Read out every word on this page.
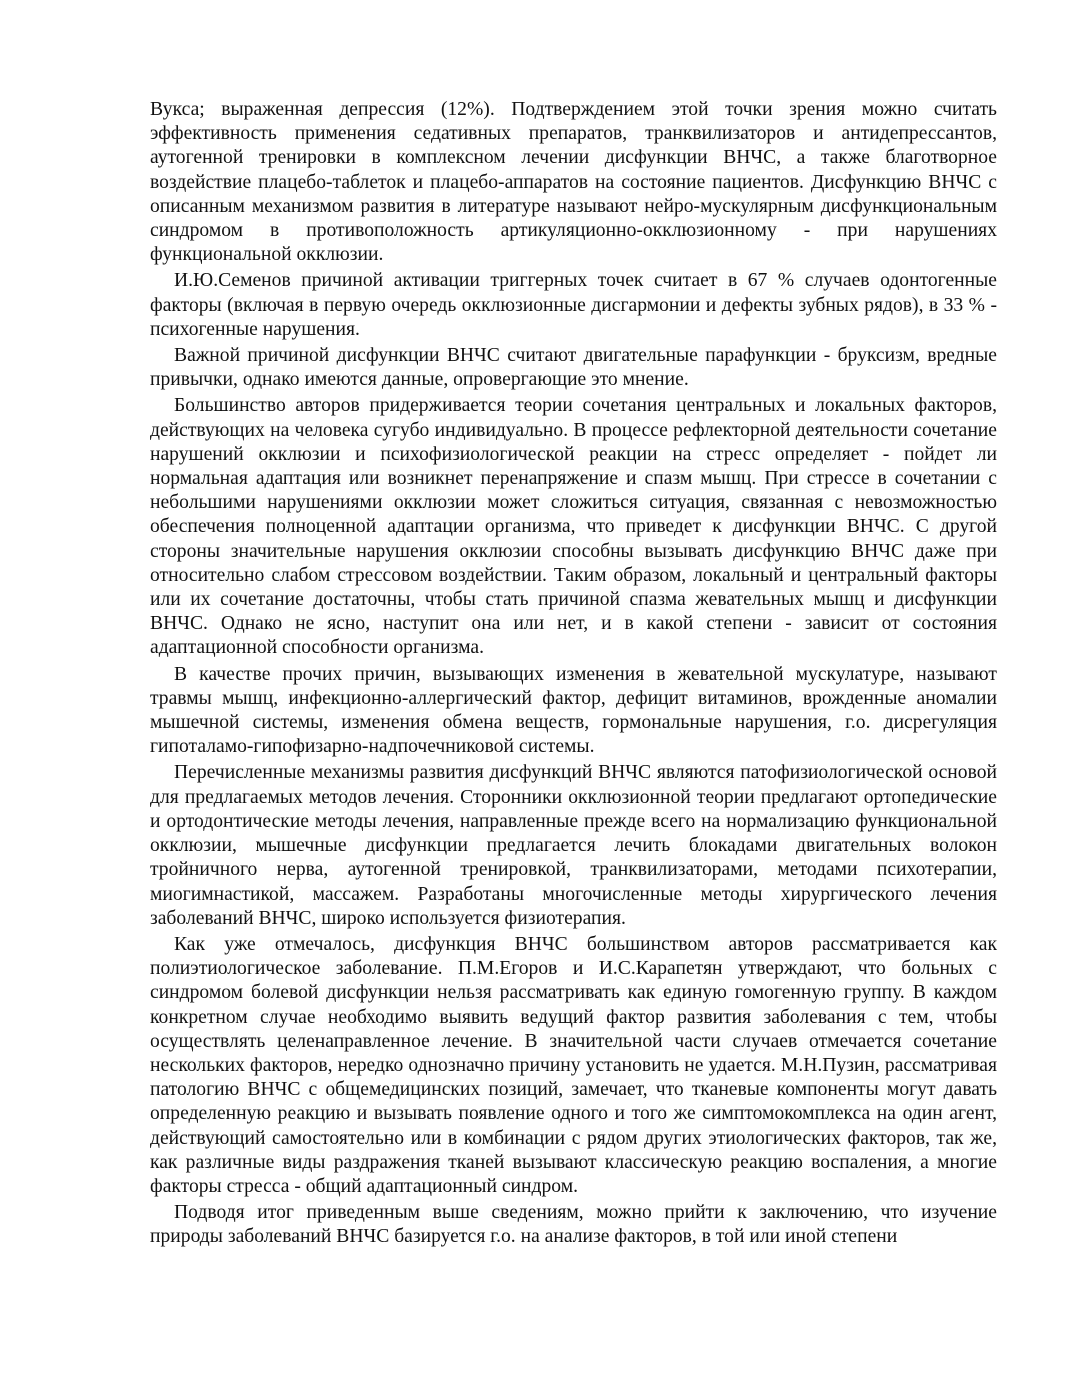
Вукса; выраженная депрессия (12%). Подтверждением этой точки зрения можно считать эффективность применения седативных препаратов, транквилизаторов и антидепрессантов, аутогенной тренировки в комплексном лечении дисфункции ВНЧС, а также благотворное воздействие плацебо-таблеток и плацебо-аппаратов на состояние пациентов. Дисфункцию ВНЧС с описанным механизмом развития в литературе называют нейро-мускулярным дисфункциональным синдромом в противоположность артикуляционно-окклюзионному - при нарушениях функциональной окклюзии.

И.Ю.Семенов причиной активации триггерных точек считает в 67 % случаев одонтогенные факторы (включая в первую очередь окклюзионные дисгармонии и дефекты зубных рядов), в 33 % - психогенные нарушения.

Важной причиной дисфункции ВНЧС считают двигательные парафункции - бруксизм, вредные привычки, однако имеются данные, опровергающие это мнение.

Большинство авторов придерживается теории сочетания центральных и локальных факторов, действующих на человека сугубо индивидуально. В процессе рефлекторной деятельности сочетание нарушений окклюзии и психофизиологической реакции на стресс определяет - пойдет ли нормальная адаптация или возникнет перенапряжение и спазм мышц. При стрессе в сочетании с небольшими нарушениями окклюзии может сложиться ситуация, связанная с невозможностью обеспечения полноценной адаптации организма, что приведет к дисфункции ВНЧС. С другой стороны значительные нарушения окклюзии способны вызывать дисфункцию ВНЧС даже при относительно слабом стрессовом воздействии. Таким образом, локальный и центральный факторы или их сочетание достаточны, чтобы стать причиной спазма жевательных мышц и дисфункции ВНЧС. Однако не ясно, наступит она или нет, и в какой степени - зависит от состояния адаптационной способности организма.

В качестве прочих причин, вызывающих изменения в жевательной мускулатуре, называют травмы мышц, инфекционно-аллергический фактор, дефицит витаминов, врожденные аномалии мышечной системы, изменения обмена веществ, гормональные нарушения, г.о. дисрегуляция гипоталамо-гипофизарно-надпочечниковой системы.

Перечисленные механизмы развития дисфункций ВНЧС являются патофизиологической основой для предлагаемых методов лечения. Сторонники окклюзионной теории предлагают ортопедические и ортодонтические методы лечения, направленные прежде всего на нормализацию функциональной окклюзии, мышечные дисфункции предлагается лечить блокадами двигательных волокон тройничного нерва, аутогенной тренировкой, транквилизаторами, методами психотерапии, миогимнастикой, массажем. Разработаны многочисленные методы хирургического лечения заболеваний ВНЧС, широко используется физиотерапия.

Как уже отмечалось, дисфункция ВНЧС большинством авторов рассматривается как полиэтиологическое заболевание. П.М.Егоров и И.С.Карапетян утверждают, что больных с синдромом болевой дисфункции нельзя рассматривать как единую гомогенную группу. В каждом конкретном случае необходимо выявить ведущий фактор развития заболевания с тем, чтобы осуществлять целенаправленное лечение. В значительной части случаев отмечается сочетание нескольких факторов, нередко однозначно причину установить не удается. М.Н.Пузин, рассматривая патологию ВНЧС с общемедицинских позиций, замечает, что тканевые компоненты могут давать определенную реакцию и вызывать появление одного и того же симптомокомплекса на один агент, действующий самостоятельно или в комбинации с рядом других этиологических факторов, так же, как различные виды раздражения тканей вызывают классическую реакцию воспаления, а многие факторы стресса - общий адаптационный синдром.

Подводя итог приведенным выше сведениям, можно прийти к заключению, что изучение природы заболеваний ВНЧС базируется г.о. на анализе факторов, в той или иной степени
